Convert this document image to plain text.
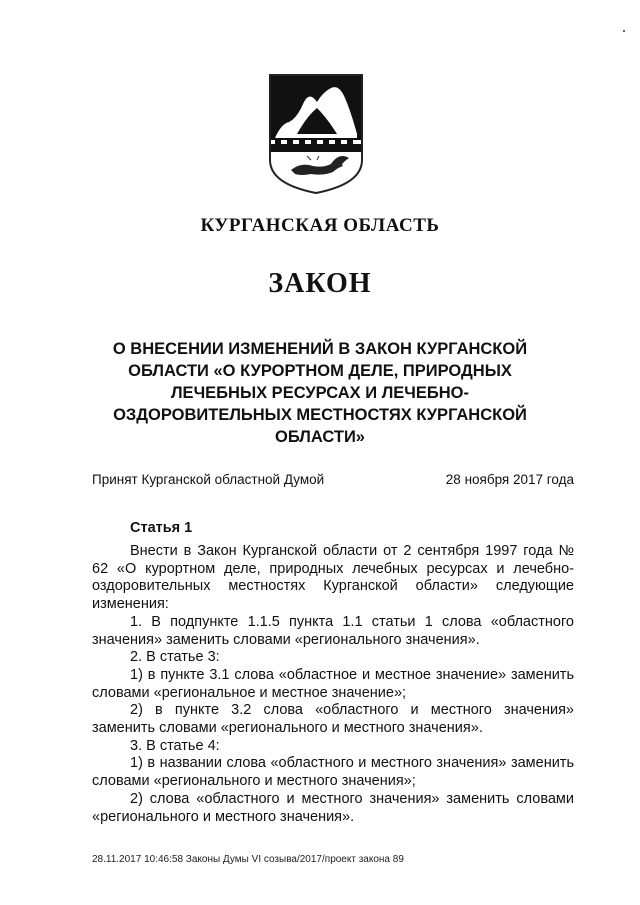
КУРГАНСКАЯ ОБЛАСТЬ
ЗАКОН
О ВНЕСЕНИИ ИЗМЕНЕНИЙ В ЗАКОН КУРГАНСКОЙ ОБЛАСТИ «О КУРОРТНОМ ДЕЛЕ, ПРИРОДНЫХ ЛЕЧЕБНЫХ РЕСУРСАХ И ЛЕЧЕБНО-ОЗДОРОВИТЕЛЬНЫХ МЕСТНОСТЯХ КУРГАНСКОЙ ОБЛАСТИ»
Принят Курганской областной Думой	28 ноября 2017 года
Статья 1

Внести в Закон Курганской области от 2 сентября 1997 года № 62 «О курортном деле, природных лечебных ресурсах и лечебно-оздоровительных местностях Курганской области» следующие изменения:

1. В подпункте 1.1.5 пункта 1.1 статьи 1 слова «областного значения» заменить словами «регионального значения».

2. В статье 3:

1) в пункте 3.1 слова «областное и местное значение» заменить словами «региональное и местное значение»;

2) в пункте 3.2 слова «областного и местного значения» заменить словами «регионального и местного значения».

3. В статье 4:

1) в названии слова «областного и местного значения» заменить словами «регионального и местного значения»;

2) слова «областного и местного значения» заменить словами «регионального и местного значения».

28.11.2017 10:46:58 Законы Думы VI созыва/2017/проект закона 89
